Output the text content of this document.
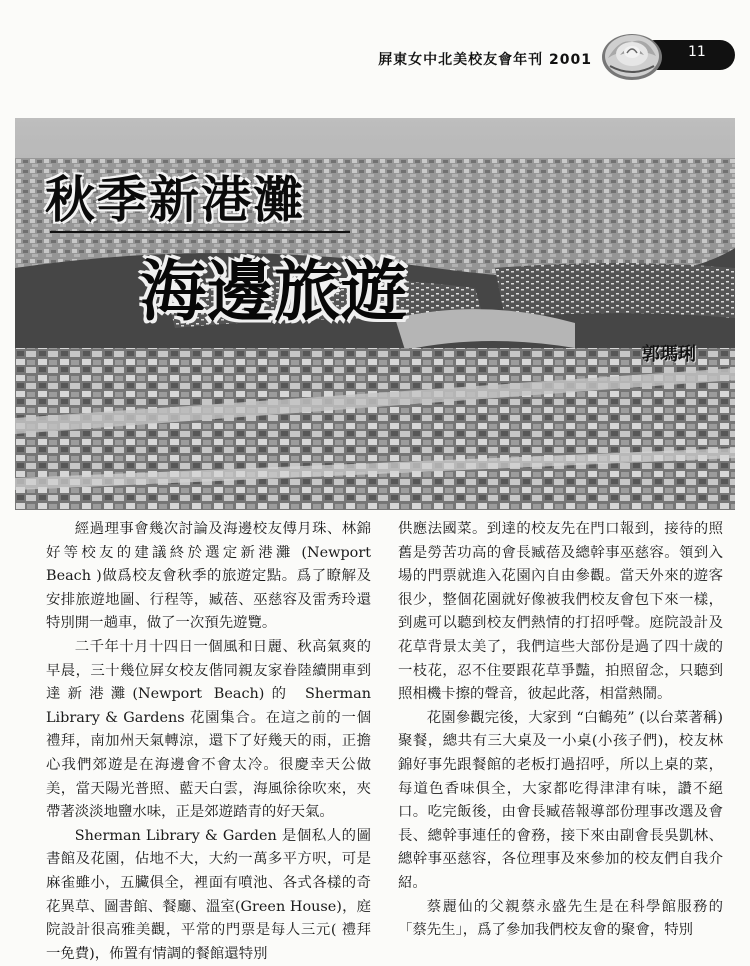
屛東女中北美校友會年刊 2001	11
秋季新港灘
海邊旅遊
郭瑪琍

經過理事會幾次討論及海邊校友傅月珠、林錦好等校友的建議終於選定新港灘 (Newport Beach )做爲校友會秋季的旅遊定點。爲了瞭解及安排旅遊地圖、行程等，臧蓓、巫慈容及雷秀玲還特別開一趟車，做了一次預先遊覽。

二千年十月十四日一個風和日麗、秋高氣爽的早晨，三十幾位屛女校友偕同親友家眷陸續開車到達新港灘(Newport Beach)的 Sherman Library & Gardens 花園集合。在這之前的一個禮拜，南加州天氣轉涼，還下了好幾天的雨，正擔心我們郊遊是在海邊會不會太冷。很慶幸天公做美，當天陽光普照、藍天白雲，海風徐徐吹來，夾帶著淡淡地鹽水味，正是郊遊踏青的好天氣。

Sherman Library & Garden 是個私人的圖書館及花園，佔地不大，大約一萬多平方呎，可是麻雀雖小，五臟俱全，裡面有噴池、各式各樣的奇花異草、圖書館、餐廳、溫室(Green House)，庭院設計很高雅美觀，平常的門票是每人三元( 禮拜一免費)，佈置有情調的餐館還特別

供應法國菜。到達的校友先在門口報到，接待的照舊是勞苦功高的會長臧蓓及總幹事巫慈容。領到入場的門票就進入花園內自由參觀。當天外來的遊客很少，整個花園就好像被我們校友會包下來一樣，到處可以聽到校友們熱情的打招呼聲。庭院設計及花草背景太美了，我們這些大部份是過了四十歲的一枝花，忍不住要跟花草爭豔，拍照留念，只聽到照相機卡擦的聲音，彼起此落，相當熱鬧。

花園參觀完後，大家到 “白鶴苑” (以台菜著稱)聚餐，總共有三大桌及一小桌(小孩子們)，校友林錦好事先跟餐館的老板打過招呼，所以上桌的菜，每道色香味俱全，大家都吃得津津有味，讚不絕口。吃完飯後，由會長臧蓓報導部份理事改選及會長、總幹事連任的會務，接下來由副會長吳凱林、總幹事巫慈容，各位理事及來參加的校友們自我介紹。

蔡麗仙的父親蔡永盛先生是在科學館服務的「蔡先生」，爲了參加我們校友會的聚會，特別
